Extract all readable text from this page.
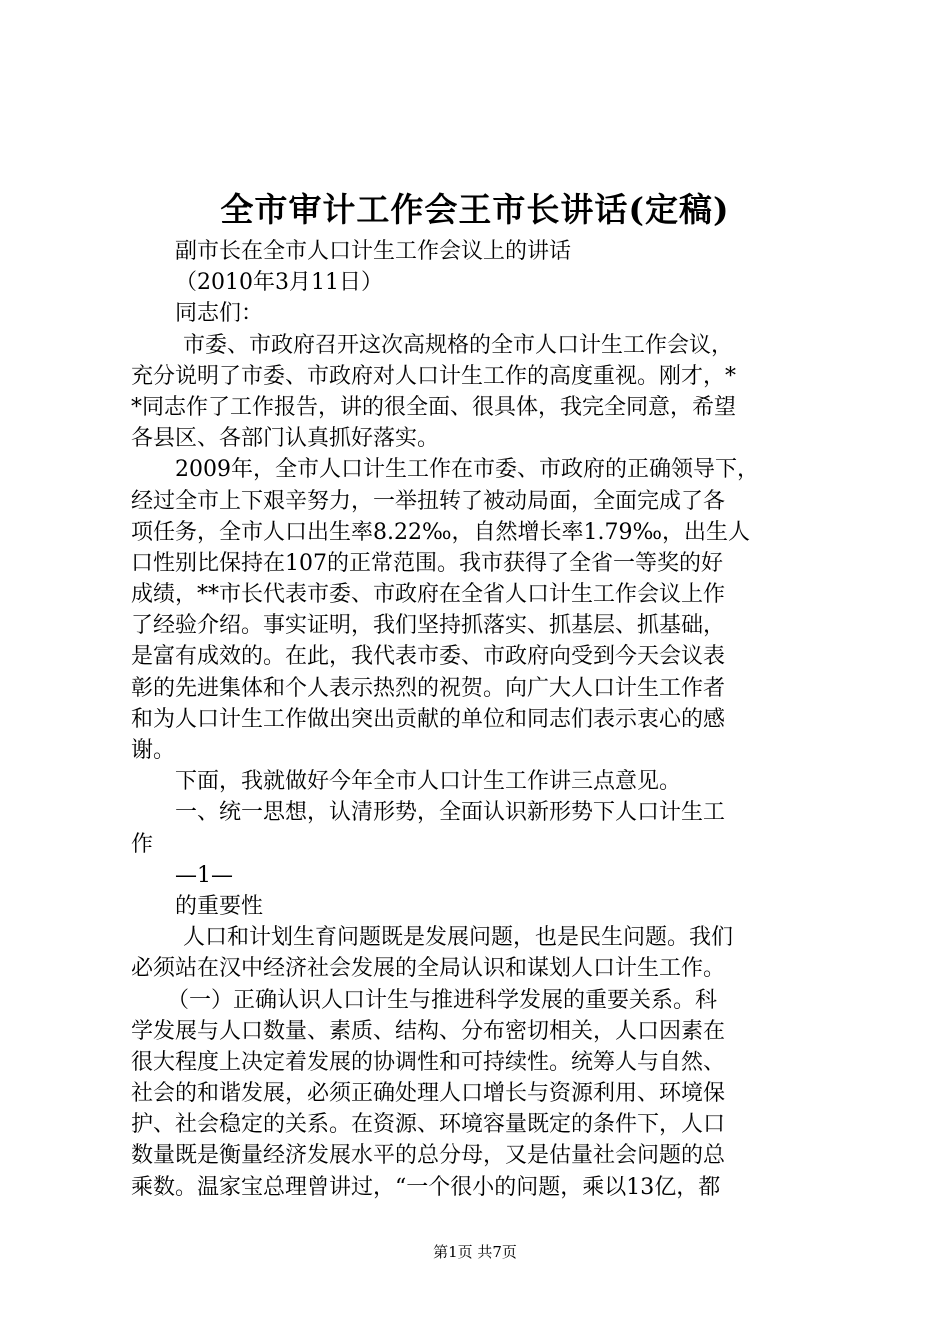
全市审计工作会王市长讲话(定稿)
副市长在全市人口计生工作会议上的讲话
（2010年3月11日）
同志们：
市委、市政府召开这次高规格的全市人口计生工作会议，
充分说明了市委、市政府对人口计生工作的高度重视。刚才，*
*同志作了工作报告，讲的很全面、很具体，我完全同意，希望
各县区、各部门认真抓好落实。
2009年，全市人口计生工作在市委、市政府的正确领导下，
经过全市上下艰辛努力，一举扭转了被动局面，全面完成了各
项任务，全市人口出生率8.22‰，自然增长率1.79‰，出生人
口性别比保持在107的正常范围。我市获得了全省一等奖的好
成绩，**市长代表市委、市政府在全省人口计生工作会议上作
了经验介绍。事实证明，我们坚持抓落实、抓基层、抓基础，
是富有成效的。在此，我代表市委、市政府向受到今天会议表
彰的先进集体和个人表示热烈的祝贺。向广大人口计生工作者
和为人口计生工作做出突出贡献的单位和同志们表示衷心的感
谢。
下面，我就做好今年全市人口计生工作讲三点意见。
一、统一思想，认清形势，全面认识新形势下人口计生工
作
—1—
的重要性
人口和计划生育问题既是发展问题，也是民生问题。我们
必须站在汉中经济社会发展的全局认识和谋划人口计生工作。
（一）正确认识人口计生与推进科学发展的重要关系。科
学发展与人口数量、素质、结构、分布密切相关，人口因素在
很大程度上决定着发展的协调性和可持续性。统筹人与自然、
社会的和谐发展，必须正确处理人口增长与资源利用、环境保
护、社会稳定的关系。在资源、环境容量既定的条件下，人口
数量既是衡量经济发展水平的总分母，又是估量社会问题的总
乘数。温家宝总理曾讲过，“一个很小的问题，乘以13亿，都
第1页 共7页
